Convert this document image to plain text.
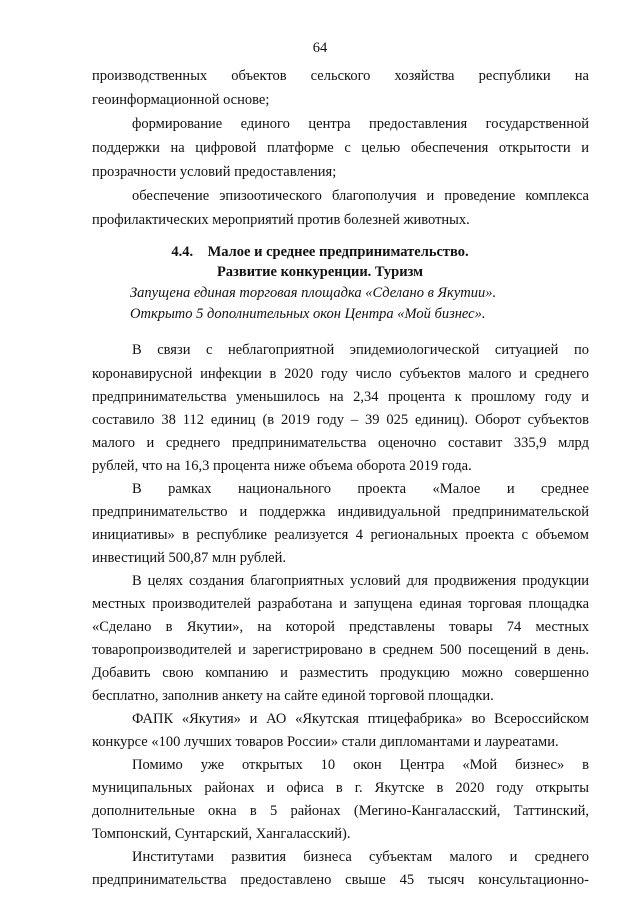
64
производственных объектов сельского хозяйства республики на
геоинформационной основе;
формирование единого центра предоставления государственной
поддержки на цифровой платформе с целью обеспечения открытости и
прозрачности условий предоставления;
обеспечение эпизоотического благополучия и проведение комплекса
профилактических мероприятий против болезней животных.
4.4.    Малое и среднее предпринимательство.
Развитие конкуренции. Туризм
Запущена единая торговая площадка «Сделано в Якутии».
Открыто 5 дополнительных окон Центра «Мой бизнес».
В связи с неблагоприятной эпидемиологической ситуацией по
коронавирусной инфекции в 2020 году число субъектов малого и среднего
предпринимательства уменьшилось на 2,34 процента к прошлому году и
составило 38 112 единиц (в 2019 году – 39 025 единиц). Оборот субъектов
малого и среднего предпринимательства оценочно составит 335,9 млрд
рублей, что на 16,3 процента ниже объема оборота 2019 года.
В рамках национального проекта «Малое и среднее
предпринимательство и поддержка индивидуальной предпринимательской
инициативы» в республике реализуется 4 региональных проекта с объемом
инвестиций 500,87 млн рублей.
В целях создания благоприятных условий для продвижения продукции
местных производителей разработана и запущена единая торговая площадка
«Сделано в Якутии», на которой представлены товары 74 местных
товаропроизводителей и зарегистрировано в среднем 500 посещений в день.
Добавить свою компанию и разместить продукцию можно совершенно
бесплатно, заполнив анкету на сайте единой торговой площадки.
ФАПК «Якутия» и АО «Якутская птицефабрика» во Всероссийском
конкурсе «100 лучших товаров России» стали дипломантами и лауреатами.
Помимо уже открытых 10 окон Центра «Мой бизнес» в
муниципальных районах и офиса в г. Якутске в 2020 году открыты
дополнительные окна в 5 районах (Мегино-Кангаласский, Таттинский,
Томпонский, Сунтарский, Хангаласский).
Институтами развития бизнеса субъектам малого и среднего
предпринимательства предоставлено свыше 45 тысяч консультационно-
